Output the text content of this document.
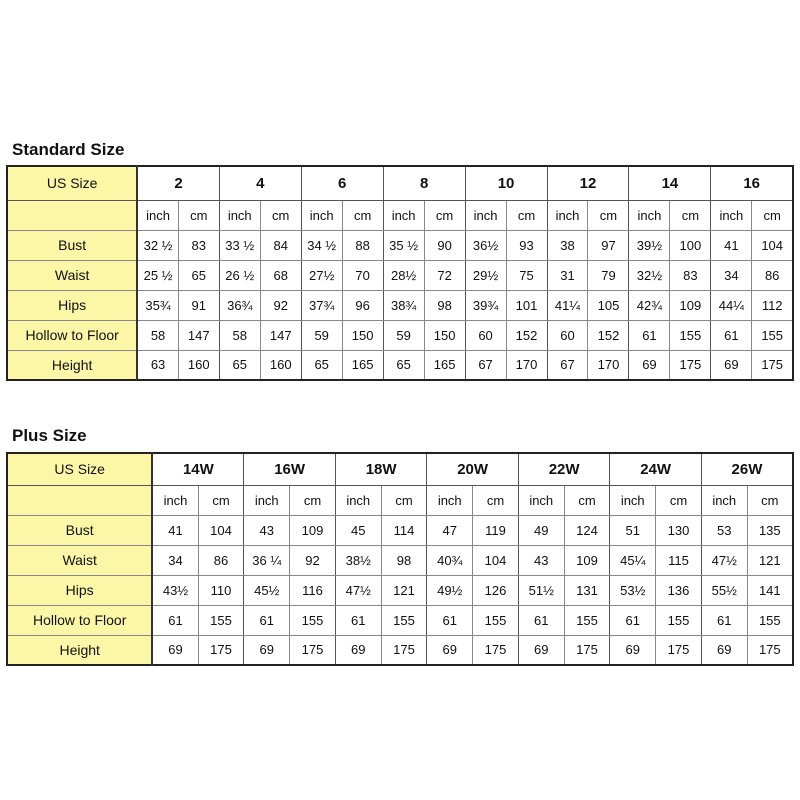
Standard Size
US Size	2		4		6		8		10		12		14		16	
	inch	cm	inch	cm	inch	cm	inch	cm	inch	cm	inch	cm	inch	cm	inch	cm
Bust	32 ½	83	33 ½	84	34 ½	88	35 ½	90	36½	93	38	97	39½	100	41	104
Waist	25 ½	65	26 ½	68	27½	70	28½	72	29½	75	31	79	32½	83	34	86
Hips	35¾	91	36¾	92	37¾	96	38¾	98	39¾	101	41¼	105	42¾	109	44¼	112
Hollow to Floor	58	147	58	147	59	150	59	150	60	152	60	152	61	155	61	155
Height	63	160	65	160	65	165	65	165	67	170	67	170	69	175	69	175
Plus Size
US Size	14W		16W		18W		20W		22W		24W		26W	
	inch	cm	inch	cm	inch	cm	inch	cm	inch	cm	inch	cm	inch	cm
Bust	41	104	43	109	45	114	47	119	49	124	51	130	53	135
Waist	34	86	36 ¼	92	38½	98	40¾	104	43	109	45¼	115	47½	121
Hips	43½	110	45½	116	47½	121	49½	126	51½	131	53½	136	55½	141
Hollow to Floor	61	155	61	155	61	155	61	155	61	155	61	155	61	155
Height	69	175	69	175	69	175	69	175	69	175	69	175	69	175
